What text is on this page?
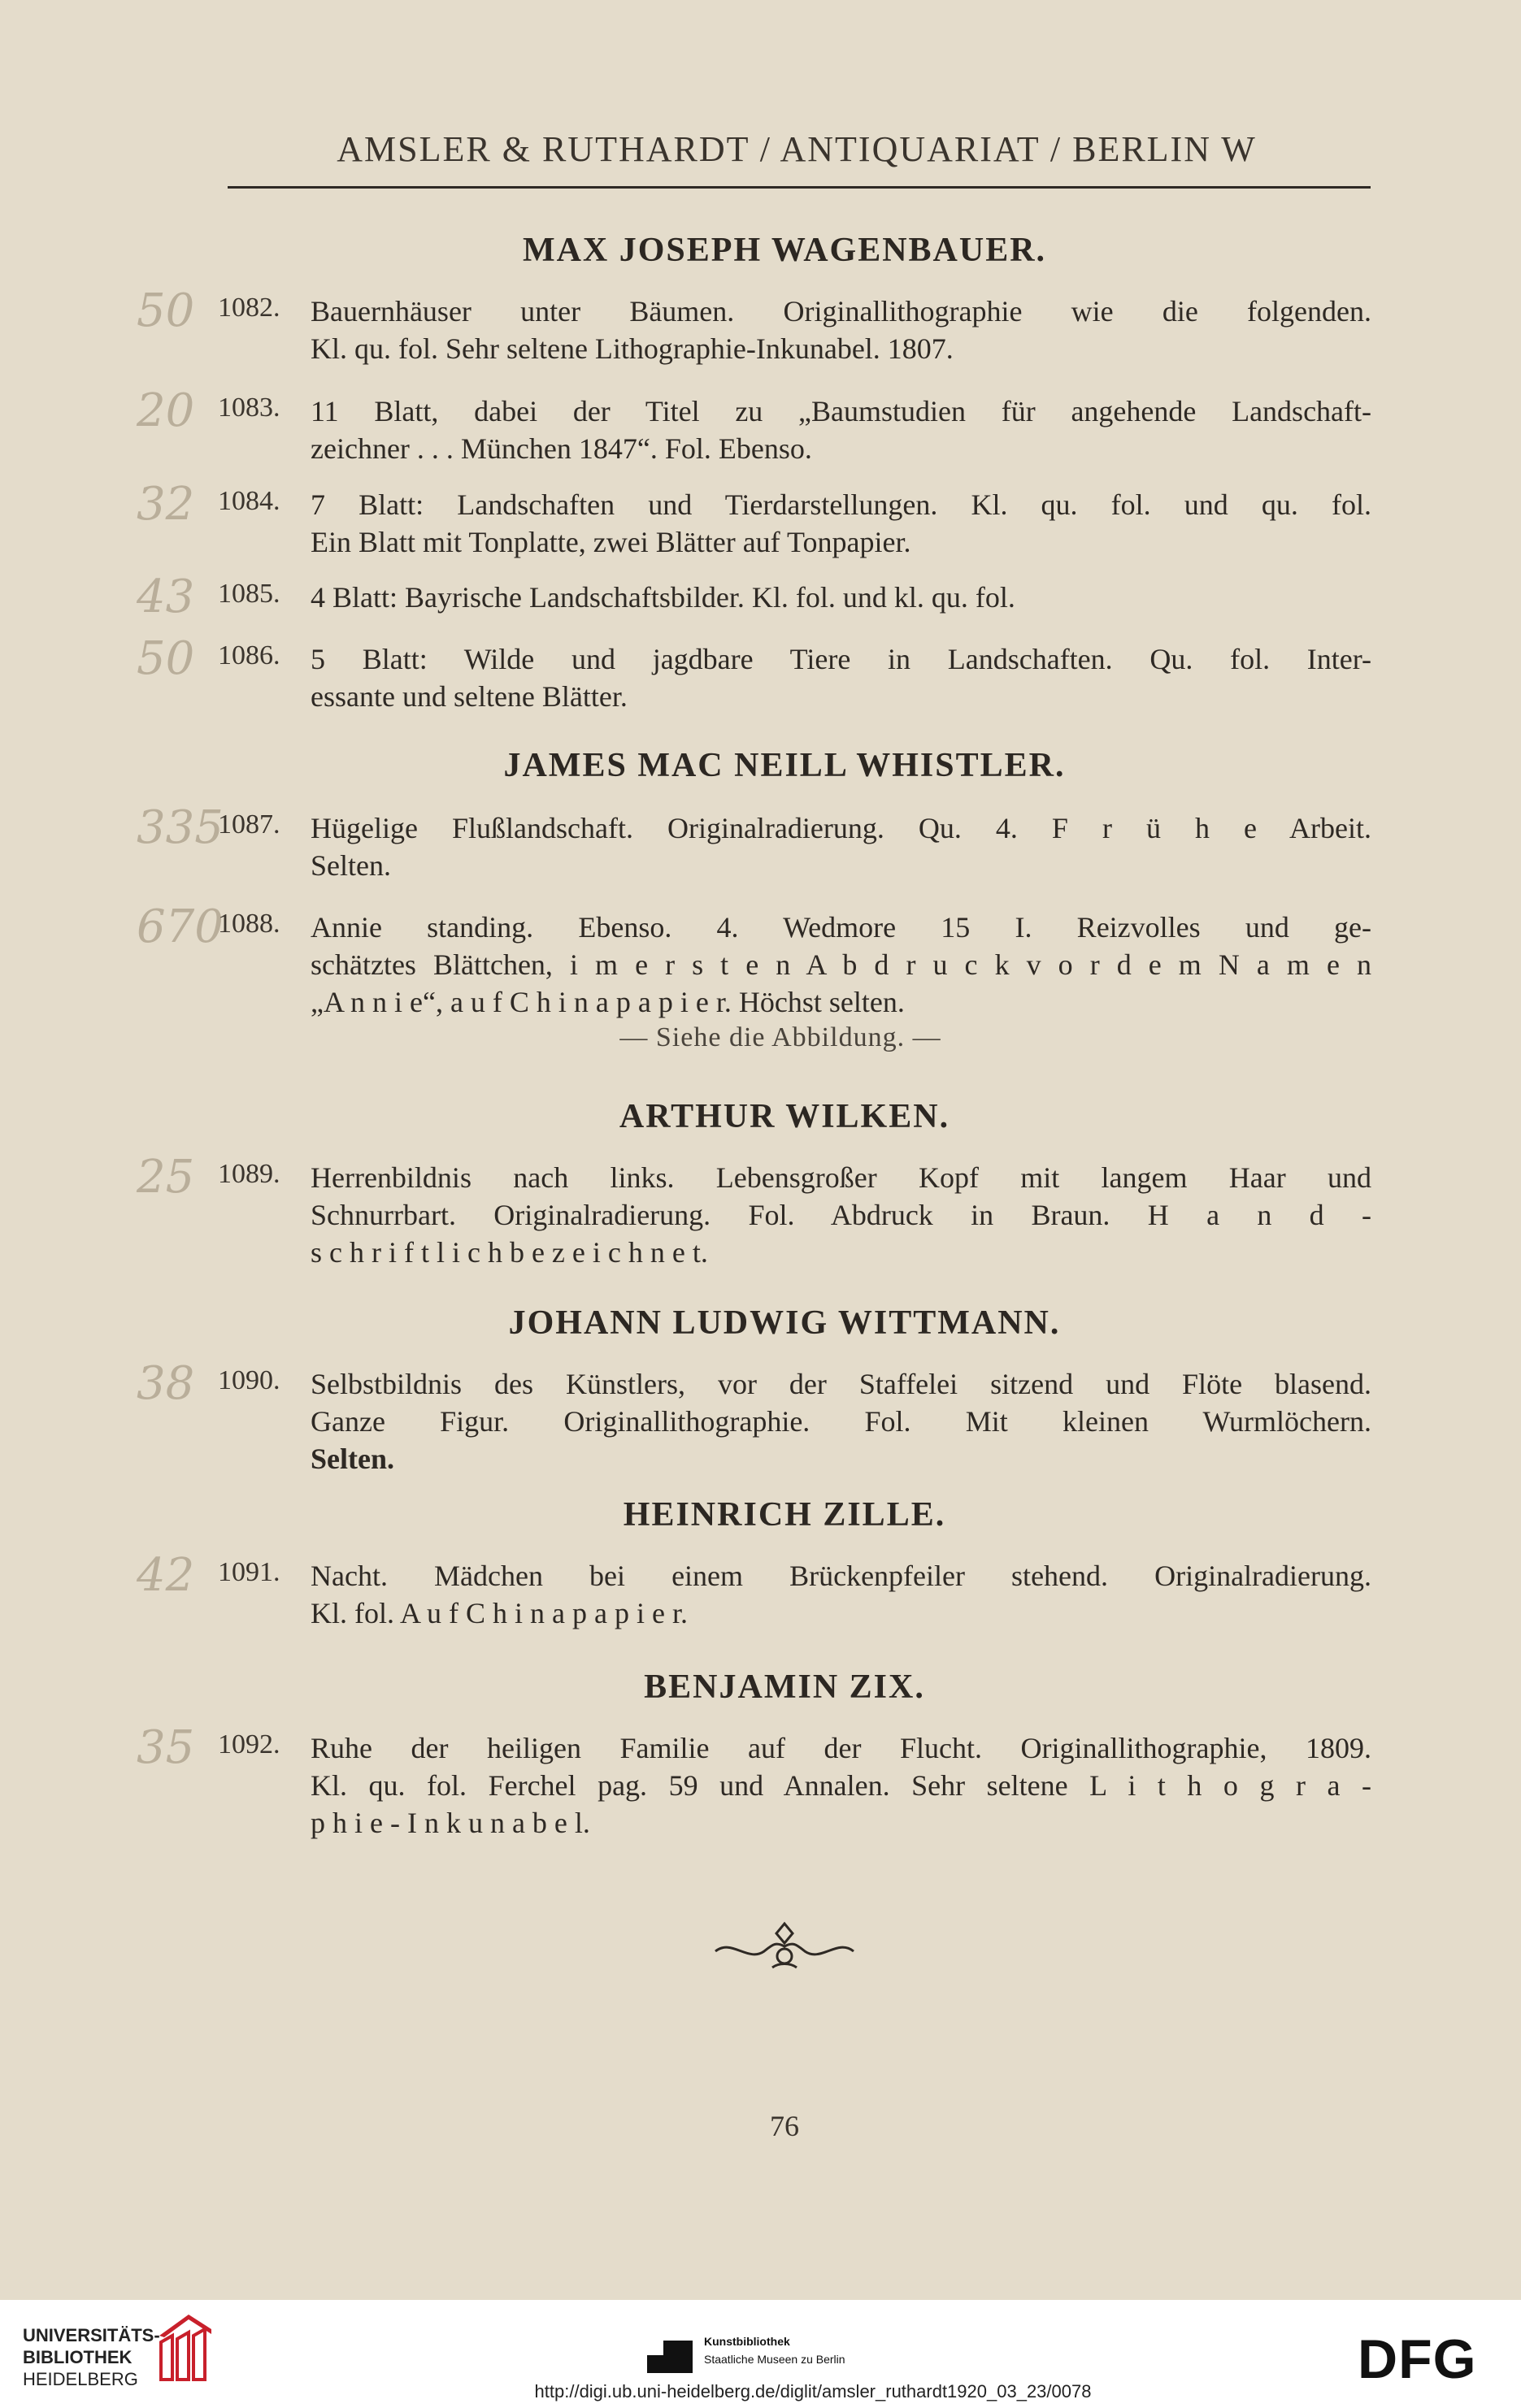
AMSLER & RUTHARDT / ANTIQUARIAT / BERLIN W
MAX JOSEPH WAGENBAUER.
50 1082. Bauernhäuser unter Bäumen. Originallithographie wie die folgenden.
Kl. qu. fol. Sehr seltene Lithographie-Inkunabel. 1807.
20 1083. 11 Blatt, dabei der Titel zu „Baumstudien für angehende Landschaft-
zeichner . . . München 1847“. Fol. Ebenso.
32 1084. 7 Blatt: Landschaften und Tierdarstellungen. Kl. qu. fol. und qu. fol.
Ein Blatt mit Tonplatte, zwei Blätter auf Tonpapier.
43 1085. 4 Blatt: Bayrische Landschaftsbilder. Kl. fol. und kl. qu. fol.
50 1086. 5 Blatt: Wilde und jagdbare Tiere in Landschaften. Qu. fol. Inter-
essante und seltene Blätter.
JAMES MAC NEILL WHISTLER.
335
1087. Hügelige Flußlandschaft. Originalradierung. Qu. 4. F r ü h e Arbeit.
Selten.
670
1088. Annie standing. Ebenso. 4. Wedmore 15 I. Reizvolles und ge-
schätztes Blättchen, i m e r s t e n A b d r u c k v o r d e m N a m e n
„A n n i e“, a u f C h i n a p a p i e r. Höchst selten.
— Siehe die Abbildung. —
ARTHUR WILKEN.
25 1089. Herrenbildnis nach links. Lebensgroßer Kopf mit langem Haar und
Schnurrbart. Originalradierung. Fol. Abdruck in Braun. H a n d -
s c h r i f t l i c h b e z e i c h n e t.
JOHANN LUDWIG WITTMANN.
38 1090. Selbstbildnis des Künstlers, vor der Staffelei sitzend und Flöte blasend.
Ganze Figur. Originallithographie. Fol. Mit kleinen Wurmlöchern.
Selten.
HEINRICH ZILLE.
42 1091. Nacht. Mädchen bei einem Brückenpfeiler stehend. Originalradierung.
Kl. fol. A u f C h i n a p a p i e r.
BENJAMIN ZIX.
35 1092. Ruhe der heiligen Familie auf der Flucht. Originallithographie, 1809.
Kl. qu. fol. Ferchel pag. 59 und Annalen. Sehr seltene L i t h o g r a -
p h i e - I n k u n a b e l.
76
UNIVERSITÄTS-
BIBLIOTHEK
HEIDELBERG
Kunstbibliothek
Staatliche Museen zu Berlin	DFG
http://digi.ub.uni-heidelberg.de/diglit/amsler_ruthardt1920_03_23/0078
